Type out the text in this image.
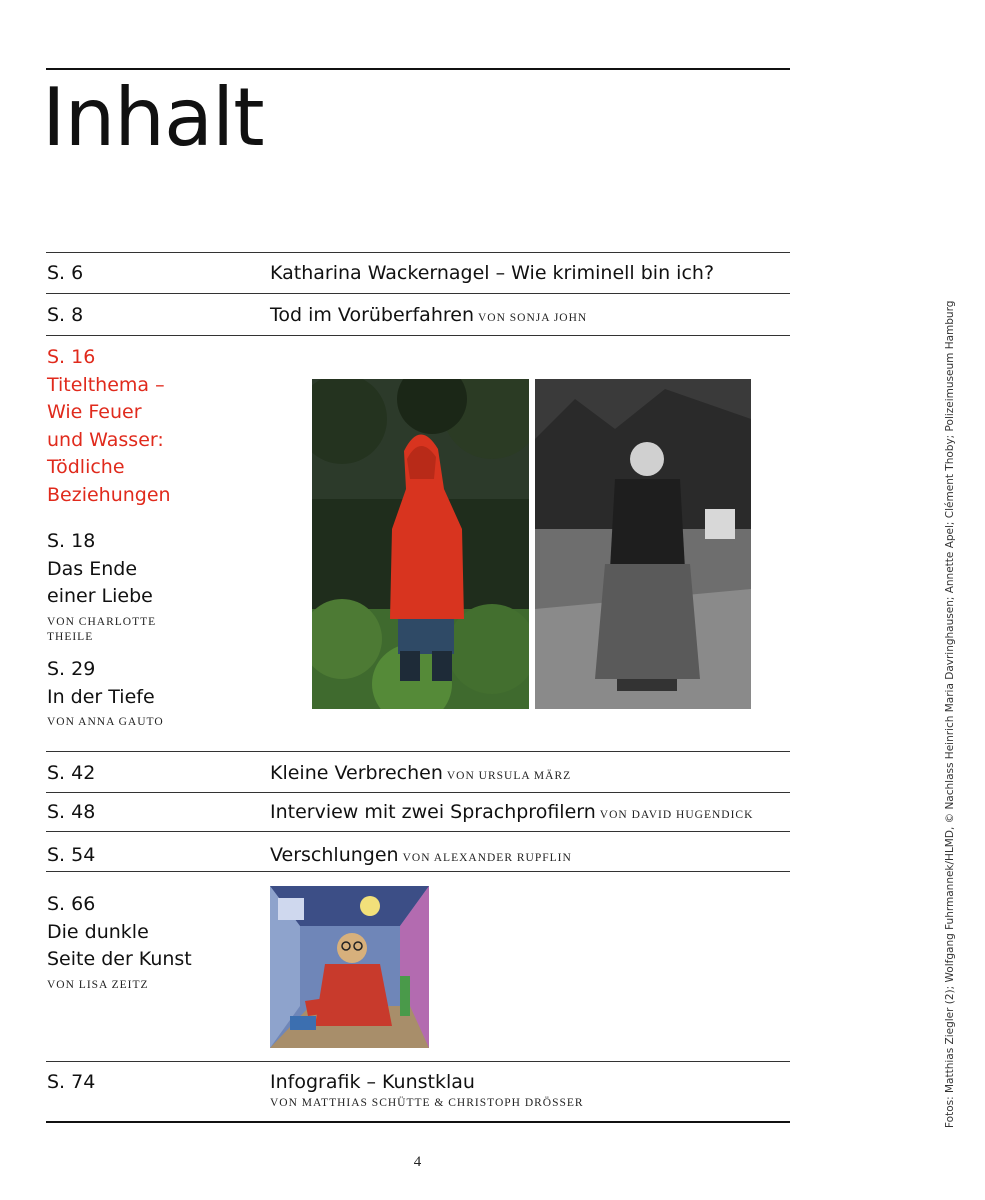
Inhalt
S. 6	Katharina Wackernagel – Wie kriminell bin ich?
S. 8	Tod im Vorüberfahren VON SONJA JOHN
S. 16
Titelthema –
Wie Feuer
und Wasser:
Tödliche
Beziehungen
S. 18
Das Ende
einer Liebe
VON CHARLOTTE
THEILE
S. 29
In der Tiefe
VON ANNA GAUTO
S. 42	Kleine Verbrechen VON URSULA MÄRZ
S. 48	Interview mit zwei Sprachprofilern VON DAVID HUGENDICK
S. 54	Verschlungen VON ALEXANDER RUPFLIN
S. 66
Die dunkle
Seite der Kunst
VON LISA ZEITZ
S. 74	Infografik – Kunstklau
VON MATTHIAS SCHÜTTE & CHRISTOPH DRÖSSER	Fotos: Matthias Ziegler (2); Wolfgang Fuhrmannek/HLMD, © Nachlass Heinrich Maria Davringhausen; Annette Apel; Clément Thoby; Polizeimuseum Hamburg
4
